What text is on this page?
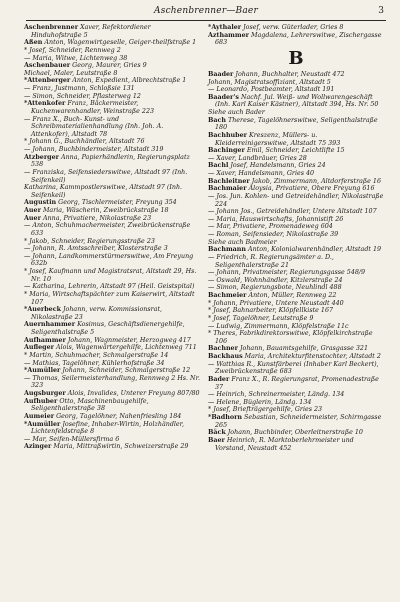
Aschenbrenner—Baer	3
Aschenbrenner Xaver, Refektordiener Hinduhofstraße 5
Aßen Anton, Wagenwirtgeselle, Geiger-theilfstraße 1
* Josef, Schneider, Rennweg 2
— Maria, Witwe, Lichtenweg 38
Aschenbauer Georg, Maurer, Gries 9
Michael, Maler, Leutstraße 8
*Attenberger Anton, Expedient, Albrechtstraße 1
— Franz, Justmann, Schloßsie 131
— Simon, Schneider, Pflasterweg 12
*Attenkofer Franz, Bäckermeister, Kuchenwarenhandler, Weinstraße 223
— Franz X., Buch- Kunst- und Schreibmaterialienhandlung (Inh. Joh. A. Attenkofer), Altstadt 78
* Johann G., Buchhändler, Altstadt 76
— Johann, Buchbindermeister, Altstadt 319
Atzberger Anna, Papierhändlerin, Regierungsplatz 538
— Franziska, Seifensiederswitwe, Altstadt 97 (Inh. Seifenkeil)
Katharina, Kammpostlerswitwe, Altstadt 97 (Inh. Seifenkeil)
Augustin Georg, Tischlermeister, Freyung 354
Auer Maria, Wäscherin, Zweibrückstraße 18
Auer Anna, Privatiere, Nikolastraße 23
— Anton, Schuhmachermeister, Zweibrückenstraße 633
* Jakob, Schneider, Regierungsstraße 23
— Johann, R. Amtsschreiber, Klosterstraße 3
— Johann, Landkommerstürmerswitwe, Am Freyung 632b
* Josef, Kaufmann und Magistratsrat, Altstadt 29, Hs. Nr. 10
— Katharina, Lehrerin, Altstadt 97 (Heil. Geistspital)
* Maria, Wirtschaftspächter zum Kaiserwirt, Altstadt 107
*Auerbeck Johann, verw. Kommissionsrat, Nikolastraße 23
Auernhammer Kosimus, Geschäftsdienergehilfe, Seligenthalstraße 5
Aufhammer Johann, Wagnmeister, Herzogweg 417
Aufleger Alois, Wagenwärtergehilfe, Lichtenweg 711
* Martin, Schuhmacher, Schmalgerstraße 14
— Mathias, Tagelöhner, Kühlerhofstraße 34
*Aumüller Johann, Schneider, Schmalgerstraße 12
— Thomas, Seilermeisterhandlung, Rennweg 2 Hs. Nr. 323
Augsburger Alois, Invalides, Unterer Freyung 807/80
Aufhuber Otto, Maschinenbaugehilfe, Seligenthalerstraße 38
Aumeier Georg, Tagelöhner, Nahenfriesling 184
*Aumüller Josefine, Inhaber-Wirtin, Holzhändler, Lichtenfeldstraße 8
— Mar, Seifen-Müllersfirma 6
Azinger Maria, Mittraßwirtin, Schweizerstraße 29
*Aythaler Josef, verw. Güterlader, Gries 8
Azthammer Magdalena, Lehrerswitwe, Zischergasse 683
B
Baader Johann, Buchhalter, Neustadt 472
Johann, Magistratsoffiziant, Altstadt 5
— Leonardo, Postbeamter, Altstadt 191
Baader's Nachf. Jul. Weiß- und Wollwarengeschäft (Inh. Karl Kaiser Kästner), Altstadt 394, Hs. Nr. 50
Siehe auch Bader
Bach Therese, Tagelöhnerswitwe, Seligenthalstraße 180
Bachhuber Kreszenz, Müllers- u. Kleiderreinigerswitwe, Altstadt 75 393
Bachinger Emil, Schneider, Leichtlifte 15
— Xaver, Landbräuer, Gries 28
Bachl Josef, Handelsmann, Gries 24
— Xaver, Handelsmann, Gries 40
Bachleitner Jakob, Zimmermann, Altdorferstraße 16
Bachmaier Aloysia, Privatiere, Obere Freyung 616
— Jos. Jun. Kohlen- und Getreidehändler, Nikolastraße 224
— Johann Jos., Getreidehändler, Untere Altstadt 107
— Maria, Hauswirtschafts, Johannistift 26
— Mar, Privatiere, Promenadeweg 604
— Roman, Seifensieder, Nikolastraße 39
Siehe auch Badmeier
Bachmann Anton, Kolonialwarenhändler, Altstadt 19
— Friedrich, R. Regierungsämter a. D., Seligenthalerstraße 21
— Johann, Privatmeister, Regierungsgasse 548/9
— Oswald, Wohnhändler, Kitzlerstraße 24
— Simon, Regierungsbote, Neuhlindl 488
Bachmeier Anton, Müller, Rennweg 22
* Johann, Privatiere, Untere Neustadt 440
* Josef, Bahnarbeiter, Klöpfellkiste 167
* Josef, Tagelöhner, Leutstraße 9
— Ludwig, Zimmermann, Klöpfelstraße 11c
* Theres, Fabrikdirektorswitwe, Klöpfelkirchstraße 106
Bachner Johann, Bauamtsgehilfe, Grasgasse 321
Backhaus Maria, Architekturfitenstochter, Altstadt 2
— Watthias R., Kunstfärberei (Inhaber Karl Beckert), Zweibrückenstraße 683
Bader Franz X., R. Regierungsrat, Promenadestraße 37
— Heinrich, Schreinermeister, Ländg. 134
— Helene, Büglerin, Ländg. 134
* Josef, Briefträgergehilfe, Gries 23
*Badhorn Sebastian, Schneidermeister, Schirmgasse 265
Bäck Johann, Buchbinder, Oberleitnerstraße 10
Baer Heinrich, R. Marktoberlehrmeister und Vorstand, Neustadt 452
